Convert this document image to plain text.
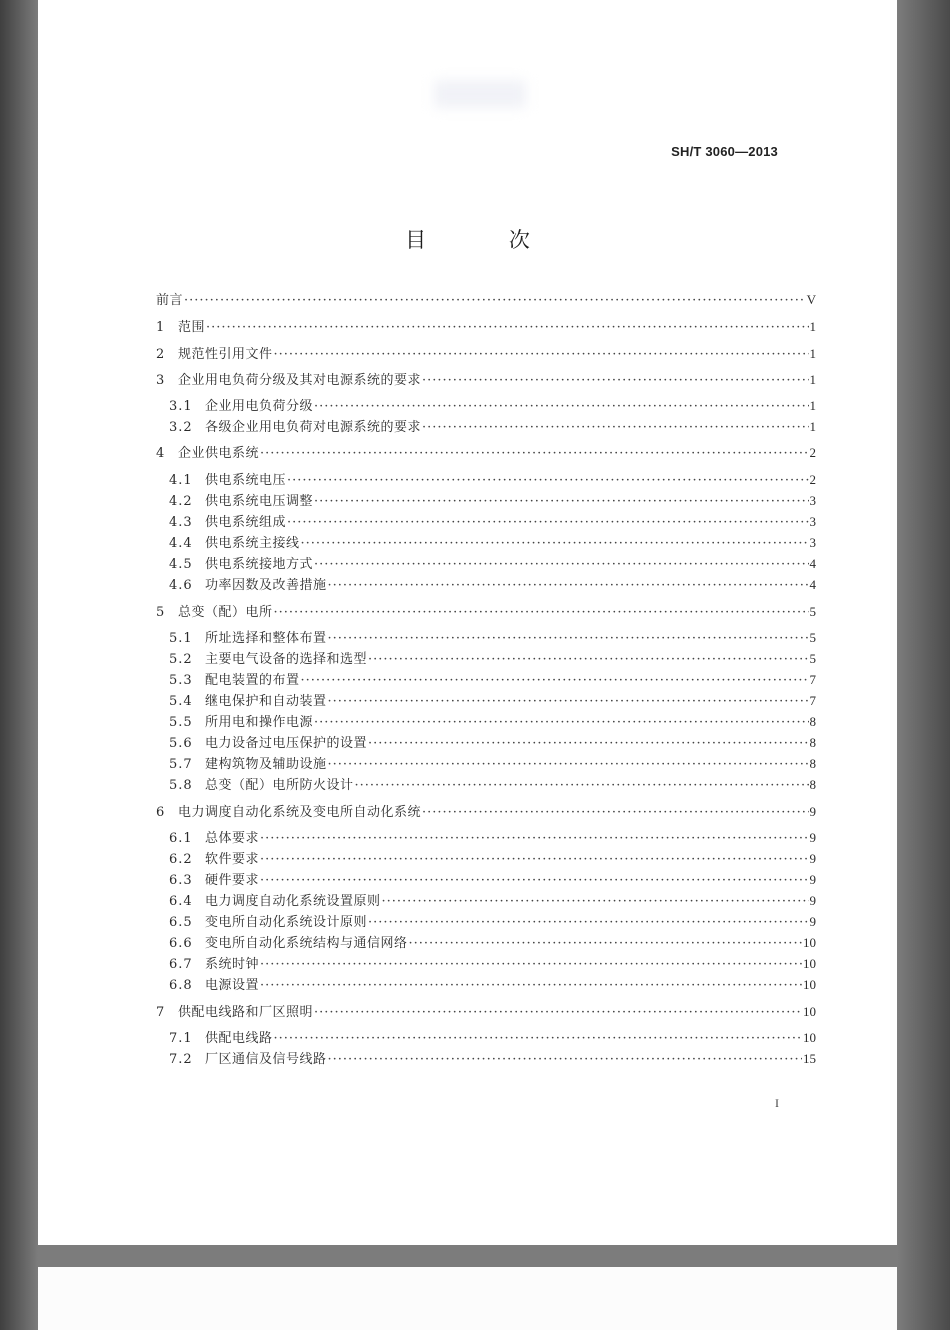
SH/T 3060—2013
目 次
前言 ·····	V
1	范围 ·····	1
2	规范性引用文件 ·····	1
3	企业用电负荷分级及其对电源系统的要求 ·····	1
3.1 企业用电负荷分级 ·····	1
3.2 各级企业用电负荷对电源系统的要求 ·····	1
4	企业供电系统 ·····	2
4.1 供电系统电压 ·····	2
4.2 供电系统电压调整 ·····	3
4.3 供电系统组成 ·····	3
4.4 供电系统主接线 ·····	3
4.5 供电系统接地方式 ·····	4
4.6 功率因数及改善措施 ·····	4
5	总变（配）电所 ·····	5
5.1 所址选择和整体布置 ·····	5
5.2 主要电气设备的选择和选型 ·····	5
5.3 配电装置的布置 ·····	7
5.4 继电保护和自动装置 ·····	7
5.5 所用电和操作电源 ·····	8
5.6 电力设备过电压保护的设置 ·····	8
5.7 建构筑物及辅助设施 ·····	8
5.8 总变（配）电所防火设计 ·····	8
6	电力调度自动化系统及变电所自动化系统 ·····	9
6.1 总体要求 ·····	9
6.2 软件要求 ·····	9
6.3 硬件要求 ·····	9
6.4 电力调度自动化系统设置原则 ·····	9
6.5 变电所自动化系统设计原则 ·····	9
6.6 变电所自动化系统结构与通信网络 ·····	10
6.7 系统时钟 ·····	10
6.8 电源设置 ·····	10
7	供配电线路和厂区照明 ·····	10
7.1 供配电线路 ·····	10
7.2 厂区通信及信号线路 ·····	15
I
